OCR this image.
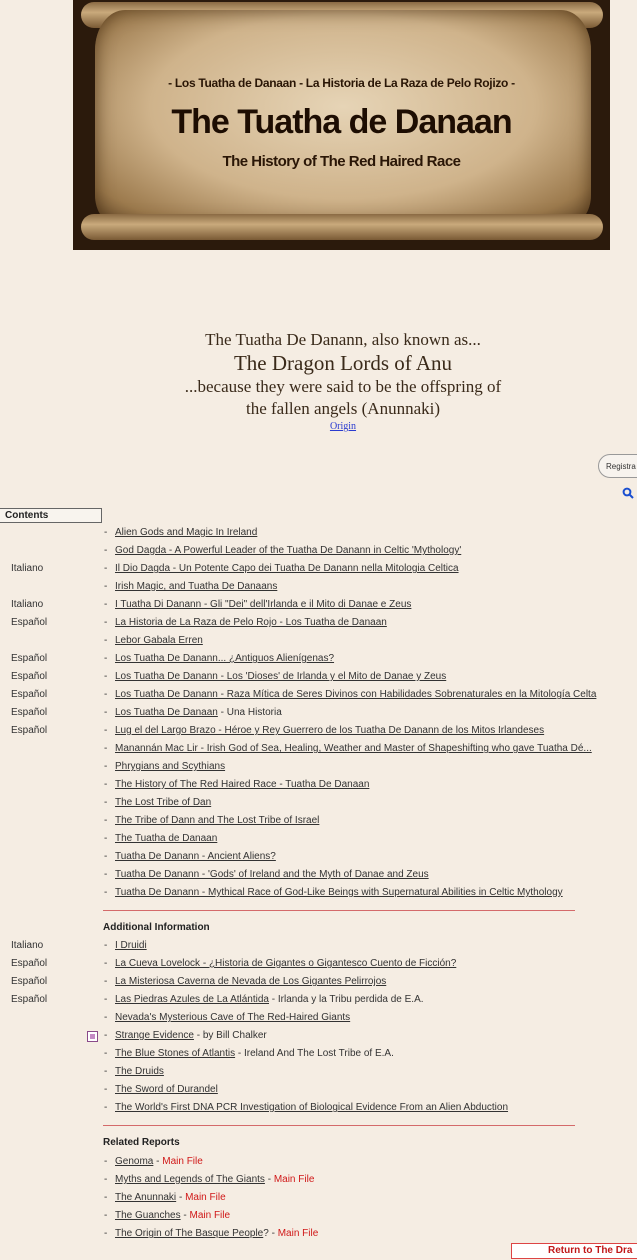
- Los Tuatha de Danaan - La Historia de La Raza de Pelo Rojizo -
The Tuatha de Danaan
The History of The Red Haired Race
The Tuatha De Danann, also known as...
The Dragon Lords of Anu
...because they were said to be the offspring of
the fallen angels (Anunnaki)
Origin
Registra
Contents
- Alien Gods and Magic In Ireland
- God Dagda - A Powerful Leader of the Tuatha De Danann in Celtic 'Mythology'
Italiano	- Il Dio Dagda - Un Potente Capo dei Tuatha De Danann nella Mitologia Celtica
- Irish Magic, and Tuatha De Danaans
Italiano	- I Tuatha Di Danann - Gli "Dei" dell'Irlanda e il Mito di Danae e Zeus
Español	- La Historia de La Raza de Pelo Rojo - Los Tuatha de Danaan
- Lebor Gabala Erren
Español	- Los Tuatha De Danann... ¿Antiguos Alienígenas?
Español	- Los Tuatha De Danann - Los 'Dioses' de Irlanda y el Mito de Danae y Zeus
Español	- Los Tuatha De Danann - Raza Mítica de Seres Divinos con Habilidades Sobrenaturales en la Mitología Celta
Español	- Los Tuatha De Danaan - Una Historia
Español	- Lug el del Largo Brazo - Héroe y Rey Guerrero de los Tuatha De Danann de los Mitos Irlandeses
- Manannán Mac Lir - Irish God of Sea, Healing, Weather and Master of Shapeshifting who gave Tuatha Dé...
- Phrygians and Scythians
- The History of The Red Haired Race - Tuatha De Danaan
- The Lost Tribe of Dan
- The Tribe of Dann and The Lost Tribe of Israel
- The Tuatha de Danaan
- Tuatha De Danann - Ancient Aliens?
- Tuatha De Danann - 'Gods' of Ireland and the Myth of Danae and Zeus
- Tuatha De Danann - Mythical Race of God-Like Beings with Supernatural Abilities in Celtic Mythology
Additional Information
Italiano	- I Druidi
Español	- La Cueva Lovelock - ¿Historia de Gigantes o Gigantesco Cuento de Ficción?
Español	- La Misteriosa Caverna de Nevada de Los Gigantes Pelirrojos
Español	- Las Piedras Azules de La Atlántida - Irlanda y la Tribu perdida de E.A.
- Nevada's Mysterious Cave of The Red-Haired Giants
- Strange Evidence - by Bill Chalker
- The Blue Stones of Atlantis - Ireland And The Lost Tribe of E.A.
- The Druids
- The Sword of Durandel
- The World's First DNA PCR Investigation of Biological Evidence From an Alien Abduction
Related Reports
- Genoma - Main File
- Myths and Legends of The Giants - Main File
- The Anunnaki - Main File
- The Guanches - Main File
- The Origin of The Basque People? - Main File
Return to The Dra
